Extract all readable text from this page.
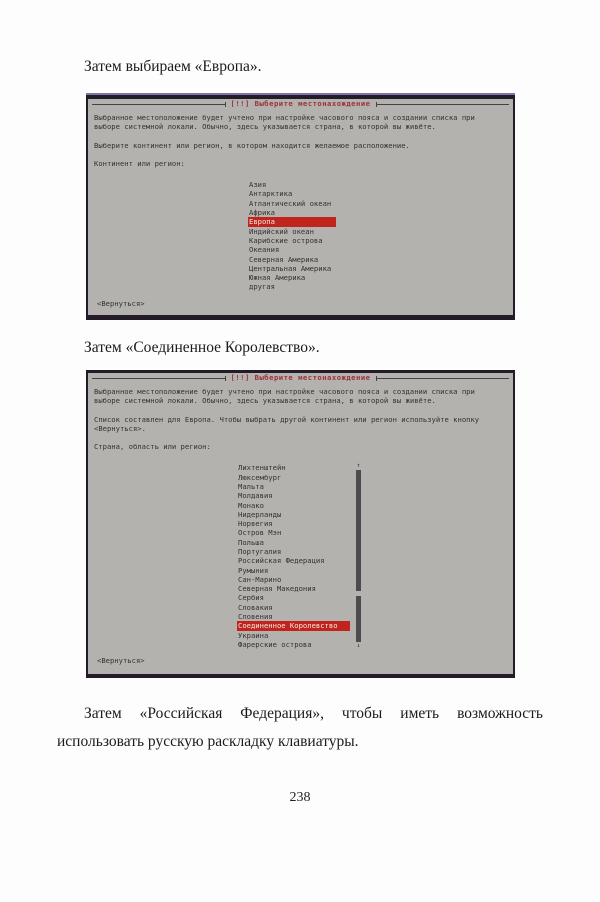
Затем выбираем «Европа».

[!!] Выберите местонахождение
Выбранное местоположение будет учтено при настройке часового пояса и создании списка при
выборе системной локали. Обычно, здесь указывается страна, в которой вы живёте.
Выберите континент или регион, в котором находится желаемое расположение.
Континент или регион:
Азия
Антарктика
Атлантический океан
Африка
Европа
Индийский океан
Карибские острова
Океания
Северная Америка
Центральная Америка
Южная Америка
другая
<Вернуться>

Затем «Соединенное Королевство».

[!!] Выберите местонахождение
Выбранное местоположение будет учтено при настройке часового пояса и создании списка при
выборе системной локали. Обычно, здесь указывается страна, в которой вы живёте.
Список составлен для Европа. Чтобы выбрать другой континент или регион используйте кнопку
<Вернуться>.
Страна, область или регион:
Лихтенштейн
Люксембург
Мальта
Молдавия
Монако
Нидерланды
Норвегия
Остров Мэн
Польша
Португалия
Российская Федерация
Румыния
Сан-Марино
Северная Македония
Сербия
Словакия
Словения
Соединенное Королевство
Украина
Фарерские острова
↑
↓
<Вернуться>

Затем «Российская Федерация», чтобы иметь возможность использовать русскую раскладку клавиатуры.

238
